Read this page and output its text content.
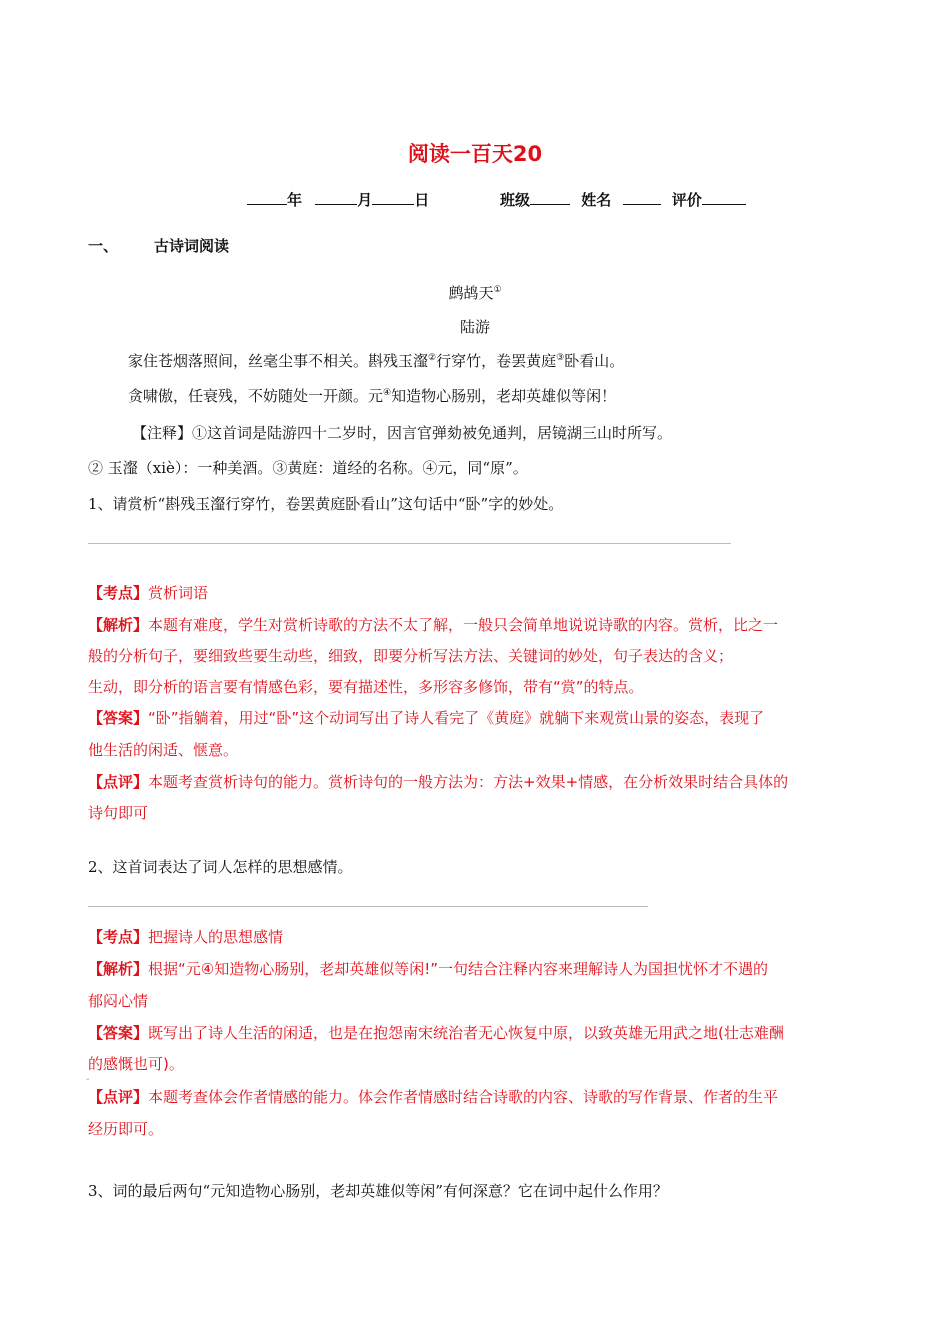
阅读一百天20
年	月	日	班级	姓名	评价
一、 古诗词阅读
鹧鸪天①
陆游
家住苍烟落照间，丝毫尘事不相关。斟残玉瀣②行穿竹，卷罢黄庭③卧看山。
贪啸傲，任衰残，不妨随处一开颜。元④知造物心肠别，老却英雄似等闲！
【注释】①这首词是陆游四十二岁时，因言官弹劾被免通判，居镜湖三山时所写。
② 玉瀣（xiè）：一种美酒。③黄庭：道经的名称。④元，同“原”。
1、请赏析“斟残玉瀣行穿竹，卷罢黄庭卧看山”这句话中“卧”字的妙处。
【考点】赏析词语
【解析】本题有难度，学生对赏析诗歌的方法不太了解，一般只会简单地说说诗歌的内容。赏析，比之一
般的分析句子，要细致些要生动些，细致，即要分析写法方法、关键词的妙处，句子表达的含义；
生动，即分析的语言要有情感色彩，要有描述性，多形容多修饰，带有“赏”的特点。
【答案】“卧”指躺着，用过“卧”这个动词写出了诗人看完了《黄庭》就躺下来观赏山景的姿态，表现了
他生活的闲适、惬意。
【点评】本题考查赏析诗句的能力。赏析诗句的一般方法为：方法+效果+情感，在分析效果时结合具体的
诗句即可
2、这首词表达了词人怎样的思想感情。
【考点】把握诗人的思想感情
【解析】根据“元④知造物心肠别，老却英雄似等闲!”一句结合注释内容来理解诗人为国担忧怀才不遇的
郁闷心情
【答案】既写出了诗人生活的闲适，也是在抱怨南宋统治者无心恢复中原，以致英雄无用武之地(壮志难酬
的感慨也可)。
“
【点评】本题考查体会作者情感的能力。体会作者情感时结合诗歌的内容、诗歌的写作背景、作者的生平
经历即可。
3、词的最后两句“元知造物心肠别，老却英雄似等闲”有何深意？它在词中起什么作用？
